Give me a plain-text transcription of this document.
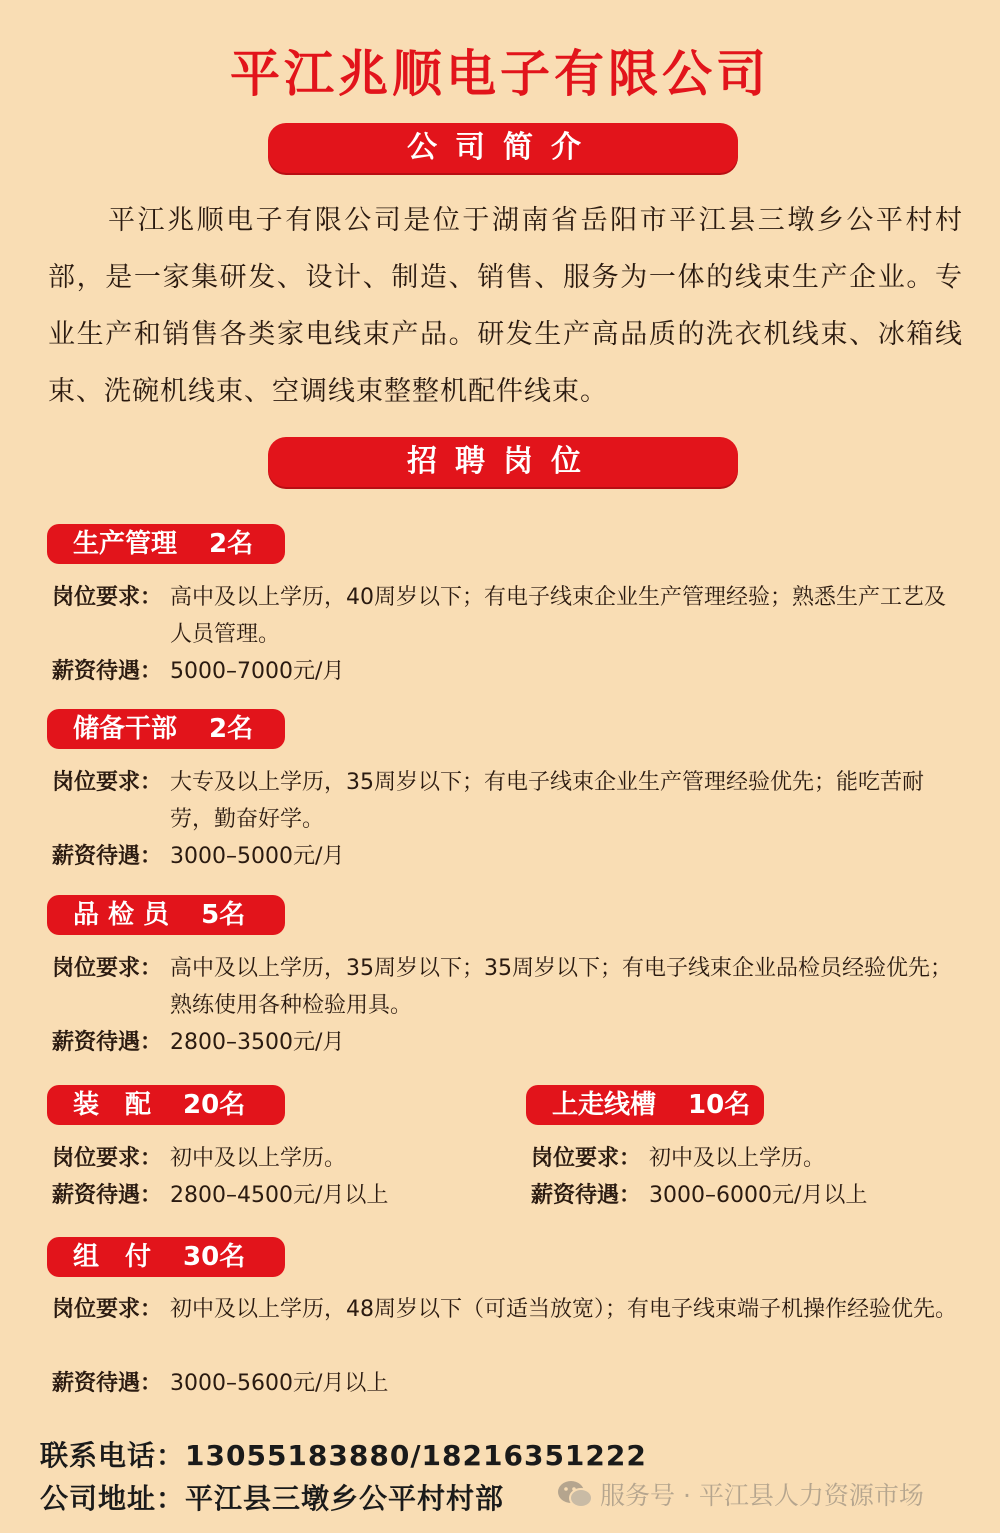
平江兆顺电子有限公司
公司简介
平江兆顺电子有限公司是位于湖南省岳阳市平江县三墩乡公平村村部，是一家集研发、设计、制造、销售、服务为一体的线束生产企业。专业生产和销售各类家电线束产品。研发生产高品质的洗衣机线束、冰箱线束、洗碗机线束、空调线束整整机配件线束。
招聘岗位
生产管理 2名
岗位要求： 高中及以上学历，40周岁以下；有电子线束企业生产管理经验；熟悉生产工艺及人员管理。
薪资待遇： 5000–7000元/月
储备干部 2名
岗位要求： 大专及以上学历，35周岁以下；有电子线束企业生产管理经验优先；能吃苦耐劳，勤奋好学。
薪资待遇： 3000–5000元/月
品 检 员 5名
岗位要求： 高中及以上学历，35周岁以下；35周岁以下；有电子线束企业品检员经验优先；熟练使用各种检验用具。
薪资待遇： 2800–3500元/月
装　配 20名
岗位要求： 初中及以上学历。
薪资待遇： 2800–4500元/月以上
上走线槽 10名
岗位要求： 初中及以上学历。
薪资待遇： 3000–6000元/月以上
组　付 30名
岗位要求： 初中及以上学历，48周岁以下（可适当放宽）；有电子线束端子机操作经验优先。
薪资待遇： 3000–5600元/月以上
联系电话：13055183880/18216351222
公司地址：平江县三墩乡公平村村部	服务号 · 平江县人力资源市场
